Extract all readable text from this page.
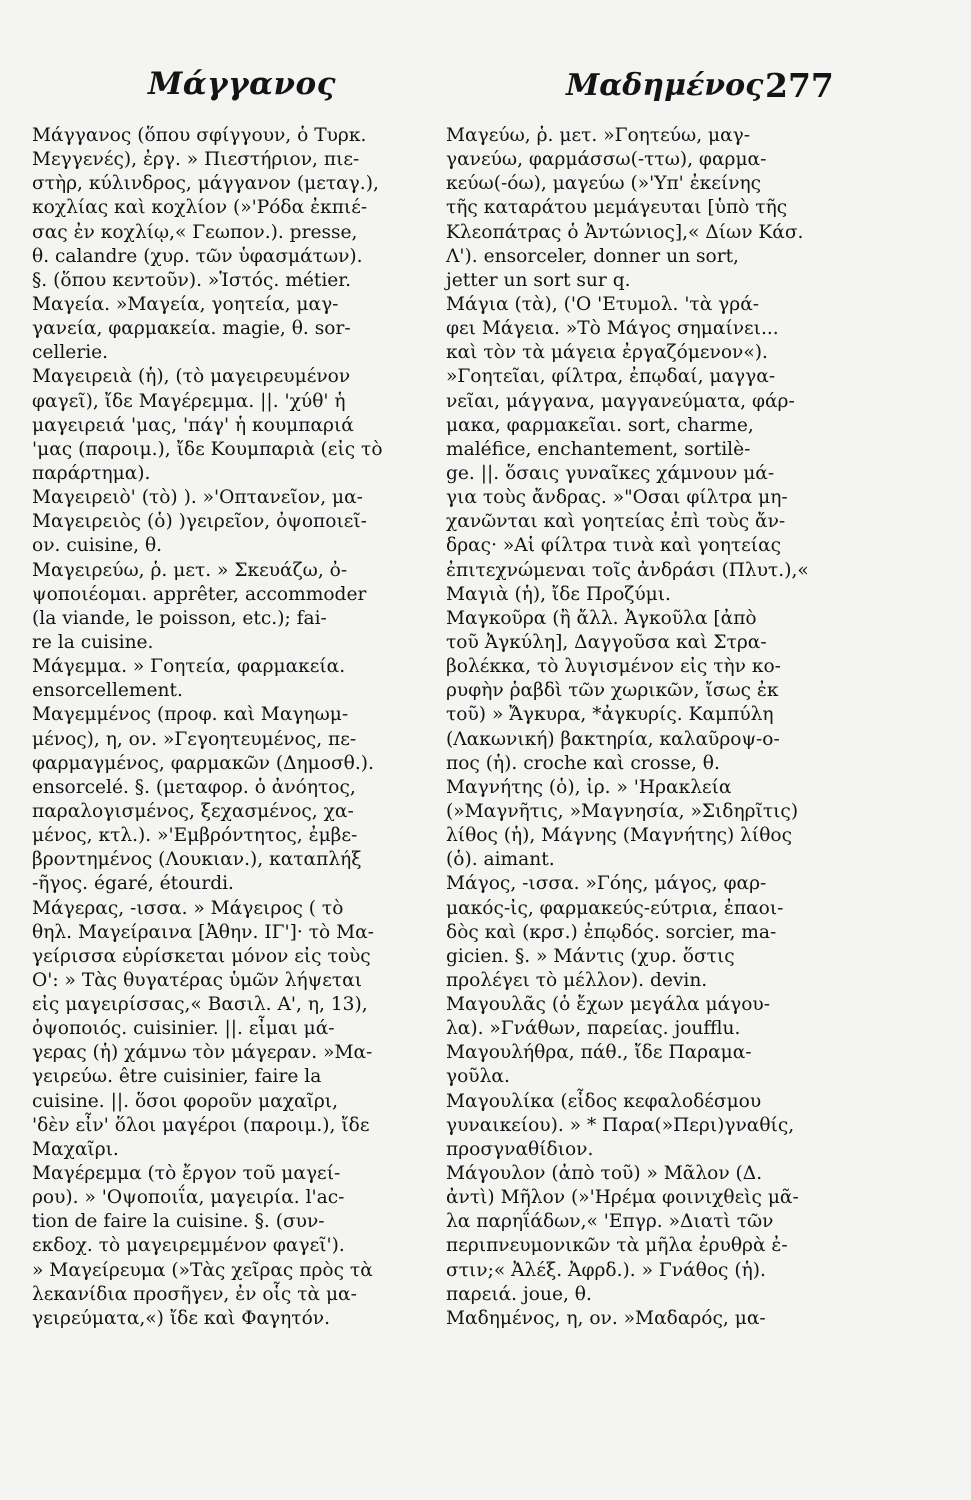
Μάγγανος	Μαδημένος 277
Μάγγανος (ὅπου σφίγγουν, ὁ Τυρκ.
Μεγγενές), ἐργ. » Πιεστήριον, πιε-
στὴρ, κύλινδρος, μάγγανον (μεταγ.),
κοχλίας καὶ κοχλίον (»'Ρόδα ἐκπιέ-
σας ἐν κοχλίῳ,« Γεωπον.). presse,
θ. calandre (χυρ. τῶν ὑφασμάτων).
§. (ὅπου κεντοῦν). »Ἱστός. métier.
Μαγεία. »Μαγεία, γοητεία, μαγ-
γανεία, φαρμακεία. magie, θ. sor-
cellerie.
Μαγειρειὰ (ἡ), (τὸ μαγειρευμένον
φαγεῖ), ἴδε Μαγέρεμμα. ||. 'χύθ' ἡ
μαγειρειά 'μας, 'πάγ' ἡ κουμπαριά
'μας (παροιμ.), ἴδε Κουμπαριὰ (εἰς τὸ
παράρτημα).
Μαγειρειὸ' (τὸ) ). »'Οπτανεῖον, μα-
Μαγειρειὸς (ὁ) )γειρεῖον, ὀψοποιεῖ-
ον. cuisine, θ.
Μαγειρεύω, ῥ. μετ. » Σκευάζω, ὀ-
ψοποιέομαι. apprêter, accommoder
(la viande, le poisson, etc.); fai-
re la cuisine.
Μάγεμμα. » Γοητεία, φαρμακεία.
ensorcellement.
Μαγεμμένος (προφ. καὶ Μαγηωμ-
μένος), η, ον. »Γεγοητευμένος, πε-
φαρμαγμένος, φαρμακῶν (Δημοσθ.).
ensorcelé. §. (μεταφορ. ὁ ἀνόητος,
παραλογισμένος, ξεχασμένος, χα-
μένος, κτλ.). »'Εμβρόντητος, ἐμβε-
βροντημένος (Λουκιαν.), καταπλήξ
-ῆγος. égaré, étourdi.
Μάγερας, -ισσα. » Μάγειρος ( τὸ
θηλ. Μαγείραινα [Ἀθην. ΙΓ']· τὸ Μα-
γείρισσα εὑρίσκεται μόνον εἰς τοὺς
Ο': » Τὰς θυγατέρας ὑμῶν λήψεται
εἰς μαγειρίσσας,« Βασιλ. Α', η, 13),
ὀψοποιός. cuisinier. ||. εἶμαι μά-
γερας (ἡ) χάμνω τὸν μάγεραν. »Μα-
γειρεύω. être cuisinier, faire la
cuisine. ||. ὅσοι φοροῦν μαχαῖρι,
'δὲν εἶν' ὅλοι μαγέροι (παροιμ.), ἴδε
Μαχαῖρι.
Μαγέρεμμα (τὸ ἔργον τοῦ μαγεί-
ρου). » 'Οψοποιΐα, μαγειρία. l'ac-
tion de faire la cuisine. §. (συν-
εκδοχ. τὸ μαγειρεμμένον φαγεῖ').
» Μαγείρευμα (»Τὰς χεῖρας πρὸς τὰ
λεκανίδια προσῆγεν, ἐν οἷς τὰ μα-
γειρεύματα,«) ἴδε καὶ Φαγητόν.
Μαγεύω, ῥ. μετ. »Γοητεύω, μαγ-
γανεύω, φαρμάσσω(-ττω), φαρμα-
κεύω(-όω), μαγεύω (»'Υπ' ἐκείνης
τῆς καταράτου μεμάγευται [ὑπὸ τῆς
Κλεοπάτρας ὁ Ἀντώνιος],« Δίων Κάσ.
Λ'). ensorceler, donner un sort,
jetter un sort sur q.
Μάγια (τὰ), ('Ο 'Ετυμολ. 'τὰ γρά-
φει Μάγεια. »Τὸ Μάγος σημαίνει...
καὶ τὸν τὰ μάγεια ἐργαζόμενον«).
»Γοητεῖαι, φίλτρα, ἐπῳδαί, μαγγα-
νεῖαι, μάγγανα, μαγγανεύματα, φάρ-
μακα, φαρμακεῖαι. sort, charme,
maléfice, enchantement, sortilè-
ge. ||. ὅσαις γυναῖκες χάμνουν μά-
για τοὺς ἄνδρας. »"Οσαι φίλτρα μη-
χανῶνται καὶ γοητείας ἐπὶ τοὺς ἄν-
δρας· »Αἱ φίλτρα τινὰ καὶ γοητείας
ἐπιτεχνώμεναι τοῖς ἀνδράσι (Πλυτ.),«
Μαγιὰ (ἡ), ἴδε Προζύμι.
Μαγκοῦρα (ἢ ἄλλ. Ἀγκοῦλα [ἀπὸ
τοῦ Ἀγκύλη], Δαγγοῦσα καὶ Στρα-
βολέκκα, τὸ λυγισμένον εἰς τὴν κο-
ρυφὴν ῥαβδὶ τῶν χωρικῶν, ἴσως ἐκ
τοῦ) » Ἄγκυρα, *ἀγκυρίς. Καμπύλη
(Λακωνική) βακτηρία, καλαῦροψ-ο-
πος (ἡ). croche καὶ crosse, θ.
Μαγνήτης (ὁ), ἰρ. » 'Ηρακλεία
(»Μαγνῆτις, »Μαγνησία, »Σιδηρῖτις)
λίθος (ἡ), Μάγνης (Μαγνήτης) λίθος
(ὁ). aimant.
Μάγος, -ισσα. »Γόης, μάγος, φαρ-
μακός-ἰς, φαρμακεύς-εύτρια, ἐπαοι-
δὸς καὶ (κρσ.) ἐπῳδός. sorcier, ma-
gicien. §. » Μάντις (χυρ. ὅστις
προλέγει τὸ μέλλον). devin.
Μαγουλᾶς (ὁ ἔχων μεγάλα μάγου-
λα). »Γνάθων, παρείας. joufflu.
Μαγουλήθρα, πάθ., ἴδε Παραμα-
γοῦλα.
Μαγουλίκα (εἶδος κεφαλοδέσμου
γυναικείου). » * Παρα(»Περι)γναθίς,
προσγναθίδιον.
Μάγουλον (ἀπὸ τοῦ) » Μᾶλον (Δ.
ἀντὶ) Μῆλον (»'Ηρέμα φοινιχθεὶς μᾶ-
λα παρηΐάδων,« 'Επγρ. »Διατὶ τῶν
περιπνευμονικῶν τὰ μῆλα ἐρυθρὰ ἐ-
στιν;« Ἀλέξ. Ἀφρδ.). » Γνάθος (ἡ).
παρειά. joue, θ.
Μαδημένος, η, ον. »Μαδαρός, μα-
